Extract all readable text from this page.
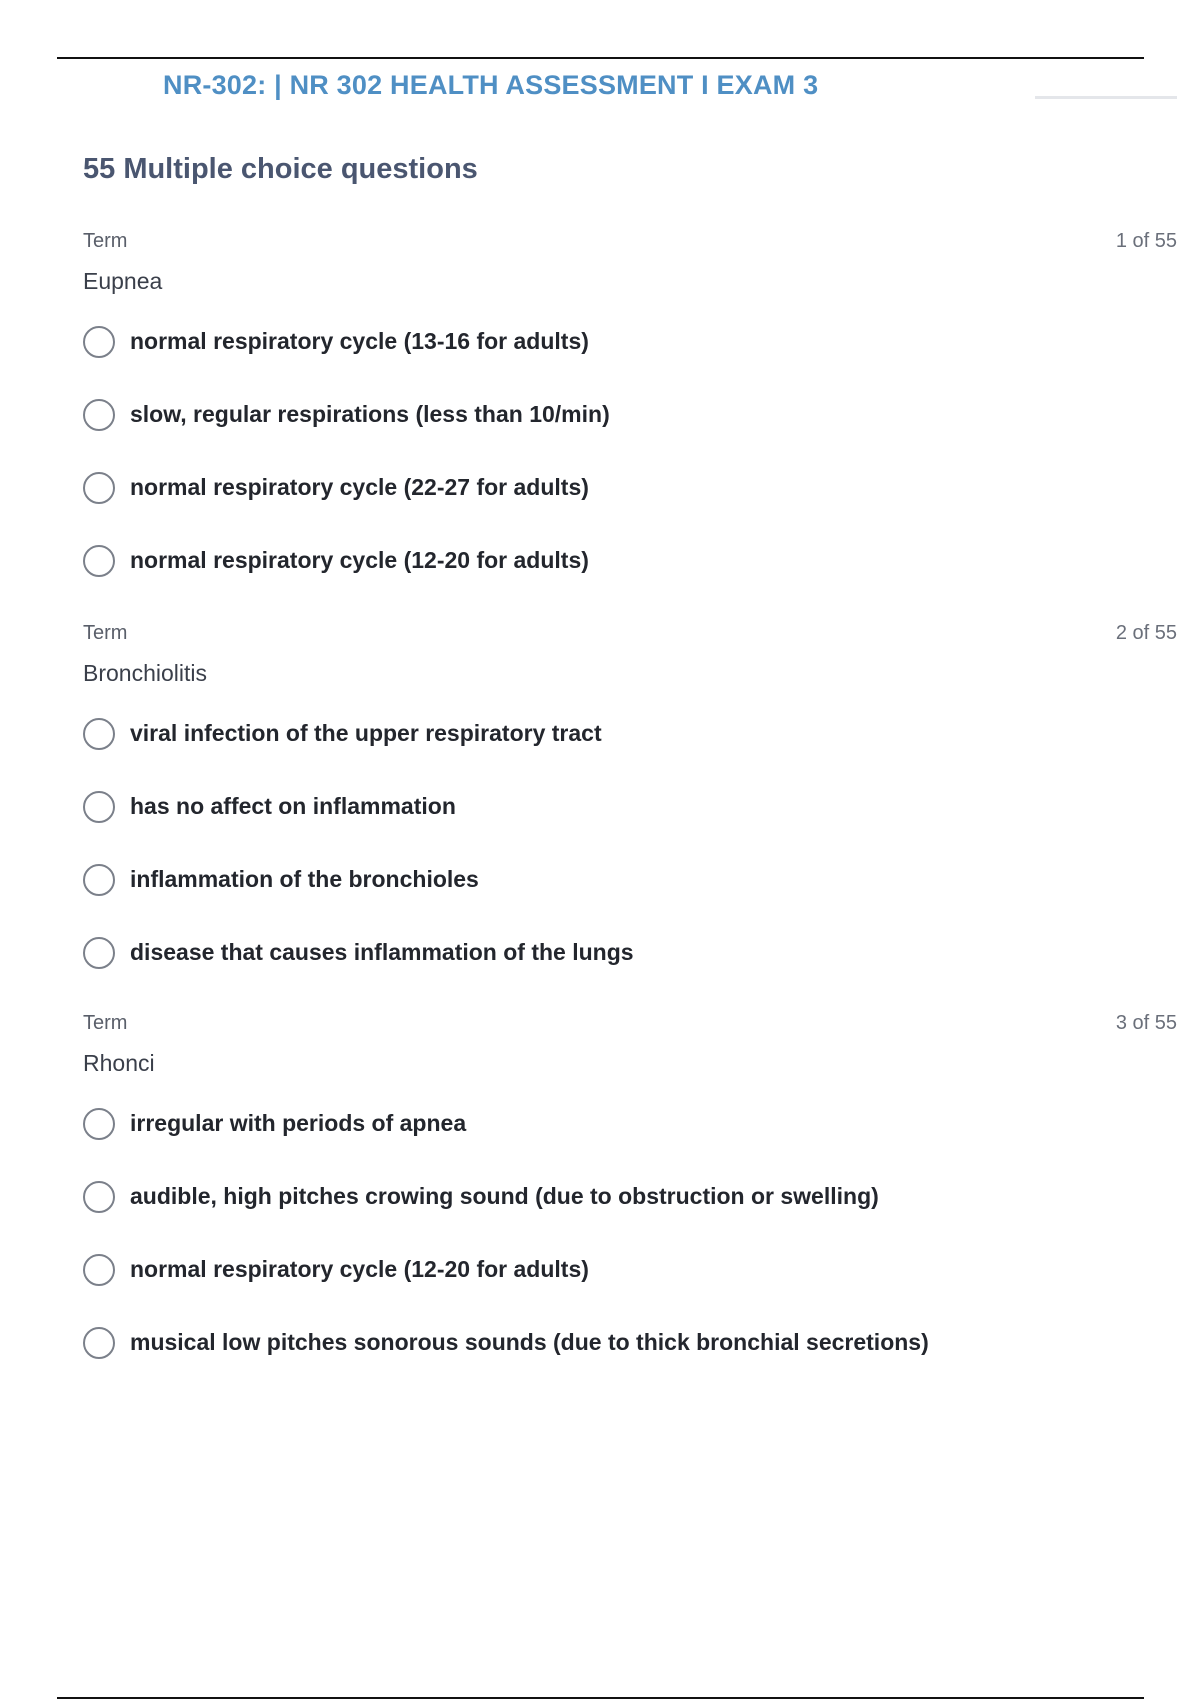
NR-302: | NR 302 HEALTH ASSESSMENT I EXAM 3
55 Multiple choice questions
Term	1 of 55
Eupnea
normal respiratory cycle (13-16 for adults)
slow, regular respirations (less than 10/min)
normal respiratory cycle (22-27 for adults)
normal respiratory cycle (12-20 for adults)
Term	2 of 55
Bronchiolitis
viral infection of the upper respiratory tract
has no affect on inflammation
inflammation of the bronchioles
disease that causes inflammation of the lungs
Term	3 of 55
Rhonci
irregular with periods of apnea
audible, high pitches crowing sound (due to obstruction or swelling)
normal respiratory cycle (12-20 for adults)
musical low pitches sonorous sounds (due to thick bronchial secretions)
